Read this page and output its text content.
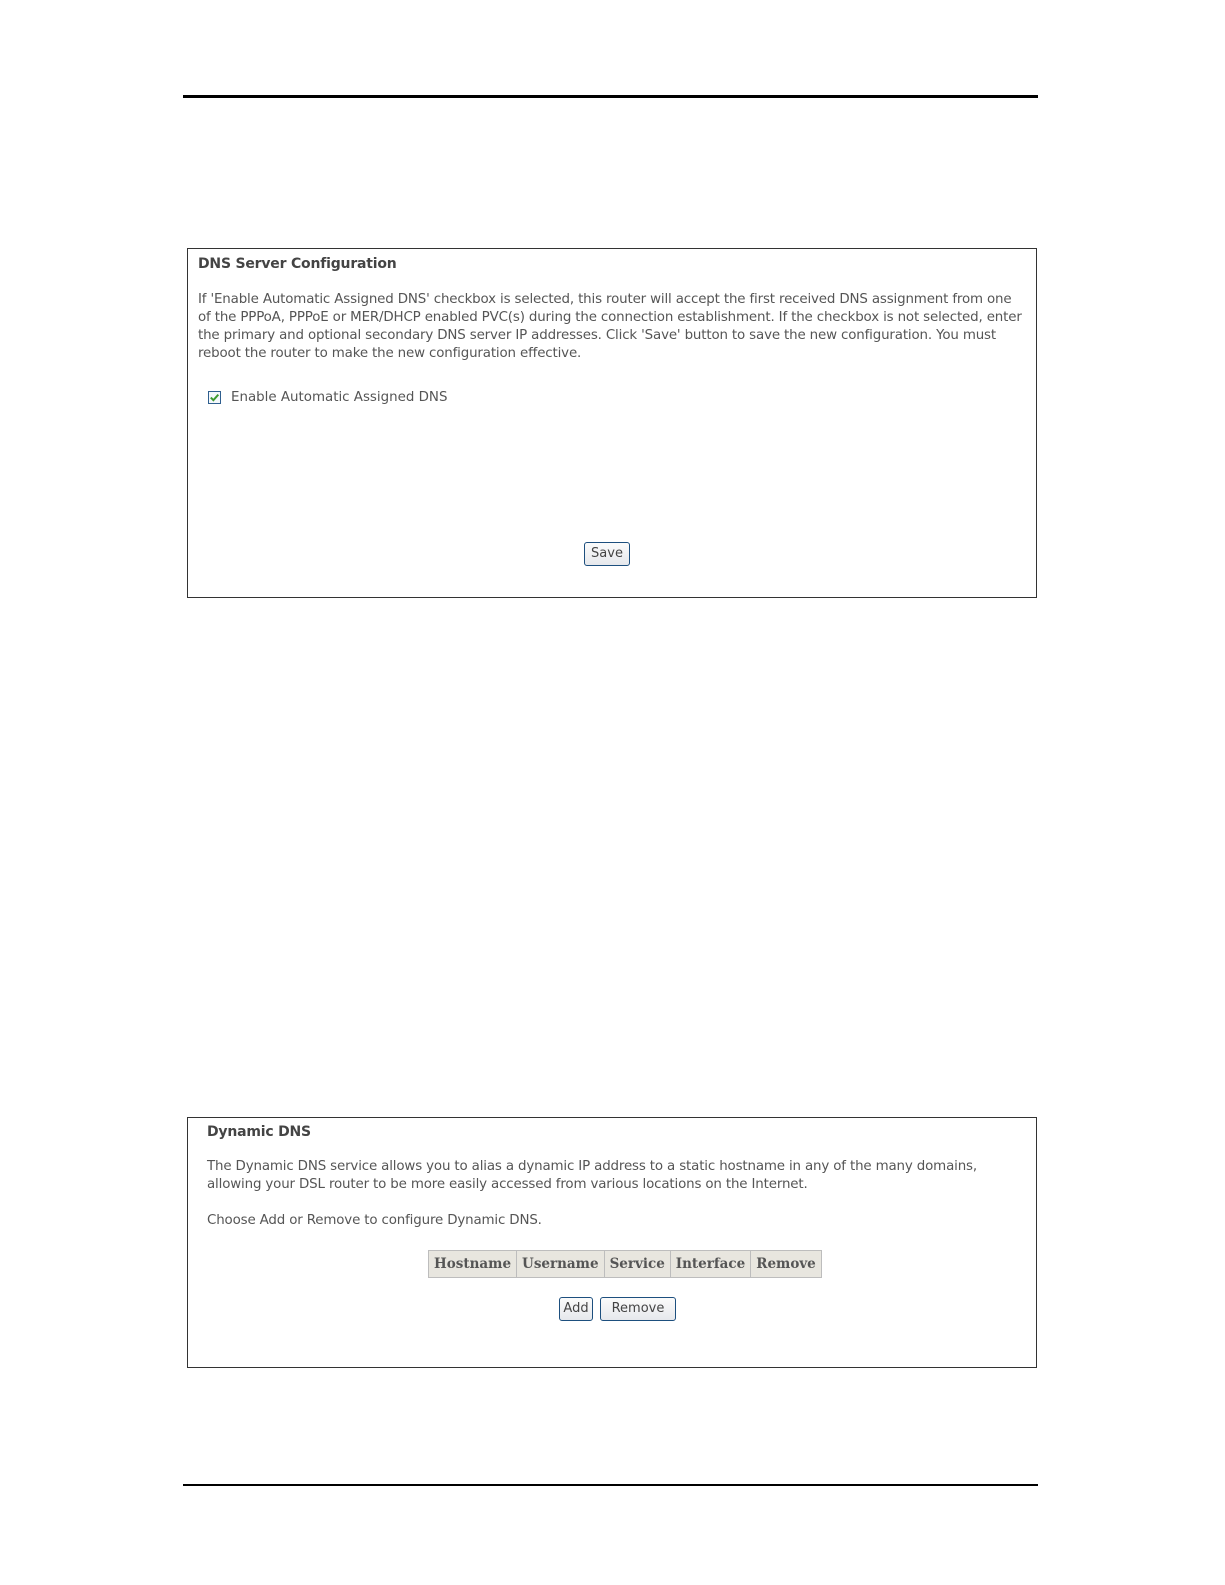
DNS Server Configuration
If 'Enable Automatic Assigned DNS' checkbox is selected, this router will accept the first received DNS assignment from one of the PPPoA, PPPoE or MER/DHCP enabled PVC(s) during the connection establishment. If the checkbox is not selected, enter the primary and optional secondary DNS server IP addresses. Click 'Save' button to save the new configuration. You must reboot the router to make the new configuration effective.
Enable Automatic Assigned DNS
Save
Dynamic DNS
The Dynamic DNS service allows you to alias a dynamic IP address to a static hostname in any of the many domains, allowing your DSL router to be more easily accessed from various locations on the Internet.
Choose Add or Remove to configure Dynamic DNS.
Hostname	Username	Service	Interface	Remove
Add	Remove
